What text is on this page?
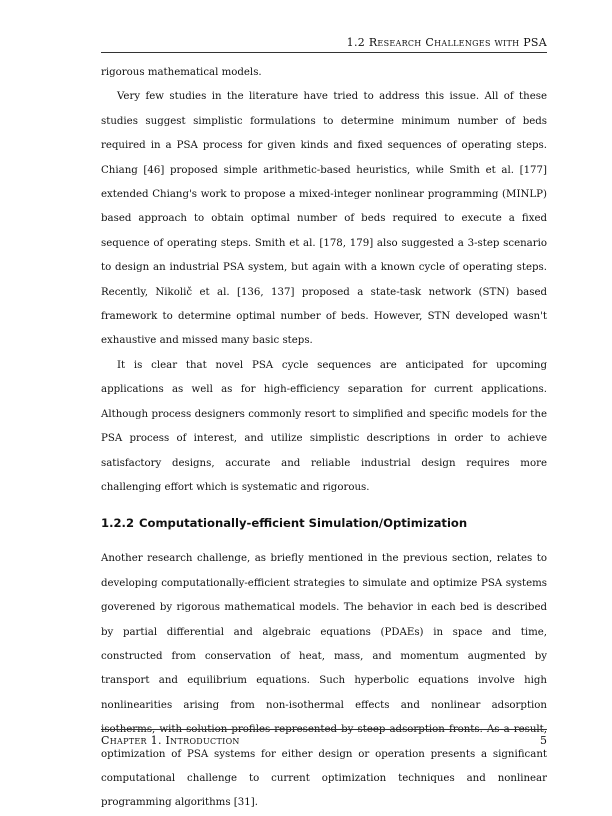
1.2 Research Challenges with PSA

rigorous mathematical models.

Very few studies in the literature have tried to address this issue. All of these studies suggest simplistic formulations to determine minimum number of beds required in a PSA process for given kinds and fixed sequences of operating steps. Chiang [46] proposed simple arithmetic-based heuristics, while Smith et al. [177] extended Chiang's work to propose a mixed-integer nonlinear programming (MINLP) based approach to obtain optimal number of beds required to execute a fixed sequence of operating steps. Smith et al. [178, 179] also suggested a 3-step scenario to design an industrial PSA system, but again with a known cycle of operating steps. Recently, Nikolič et al. [136, 137] proposed a state-task network (STN) based framework to determine optimal number of beds. However, STN developed wasn't exhaustive and missed many basic steps.

It is clear that novel PSA cycle sequences are anticipated for upcoming applications as well as for high-efficiency separation for current applications. Although process designers commonly resort to simplified and specific models for the PSA process of interest, and utilize simplistic descriptions in order to achieve satisfactory designs, accurate and reliable industrial design requires more challenging effort which is systematic and rigorous.

1.2.2 Computationally-efficient Simulation/Optimization

Another research challenge, as briefly mentioned in the previous section, relates to developing computationally-efficient strategies to simulate and optimize PSA systems goverened by rigorous mathematical models. The behavior in each bed is described by partial differential and algebraic equations (PDAEs) in space and time, constructed from conservation of heat, mass, and momentum augmented by transport and equilibrium equations. Such hyperbolic equations involve high nonlinearities arising from non-isothermal effects and nonlinear adsorption isotherms, with solution profiles represented by steep adsorption fronts. As a result, optimization of PSA systems for either design or operation presents a significant computational challenge to current optimization techniques and nonlinear programming algorithms [31].

Chapter 1. Introduction	5
